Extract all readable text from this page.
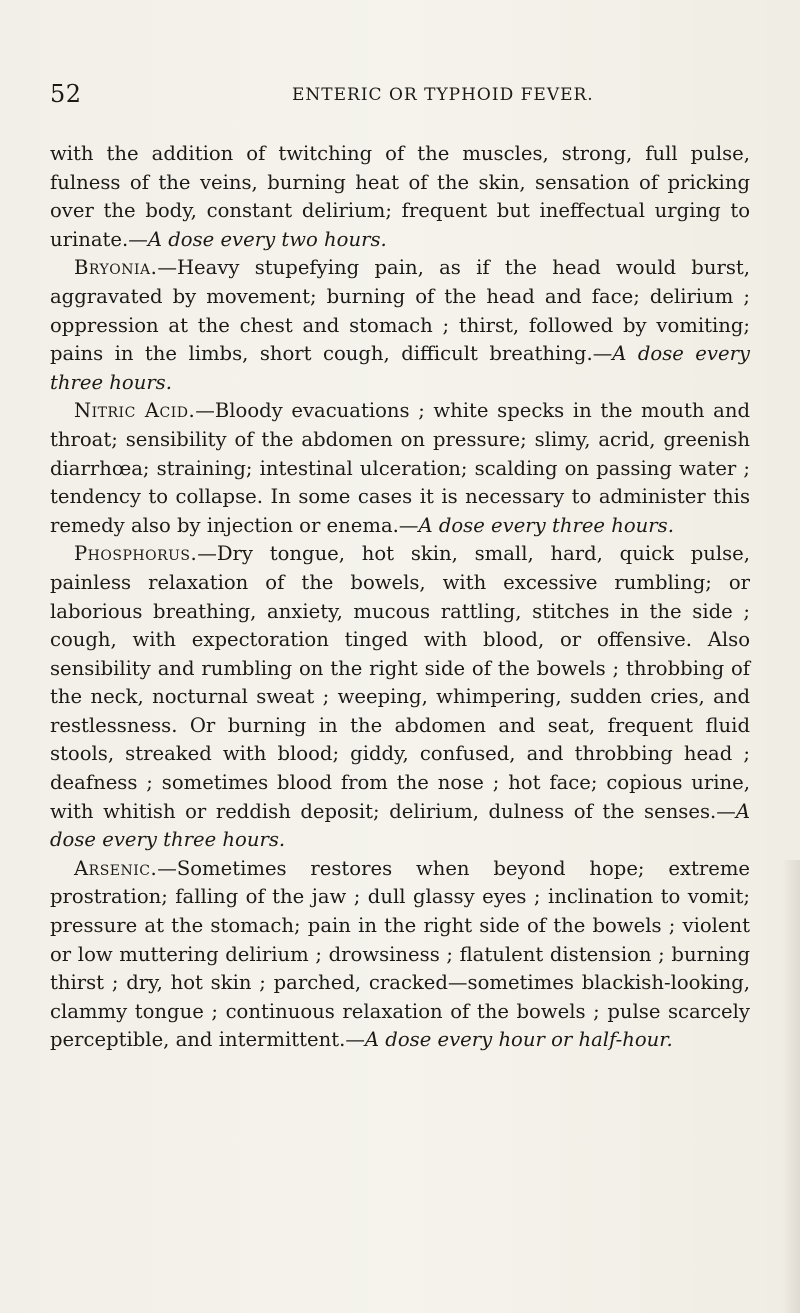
52	ENTERIC OR TYPHOID FEVER.

with the addition of twitching of the muscles, strong, full pulse, fulness of the veins, burning heat of the skin, sensation of pricking over the body, constant delirium; frequent but ineffectual urging to urinate.—A dose every two hours.

Bryonia.—Heavy stupefying pain, as if the head would burst, aggravated by movement; burning of the head and face; delirium ; oppression at the chest and stomach ; thirst, followed by vomiting; pains in the limbs, short cough, difficult breathing.—A dose every three hours.

Nitric Acid.—Bloody evacuations ; white specks in the mouth and throat; sensibility of the abdomen on pressure; slimy, acrid, greenish diarrhœa; straining; intestinal ulceration; scalding on passing water ; tendency to collapse. In some cases it is necessary to administer this remedy also by injection or enema.—A dose every three hours.

Phosphorus.—Dry tongue, hot skin, small, hard, quick pulse, painless relaxation of the bowels, with excessive rumbling; or laborious breathing, anxiety, mucous rattling, stitches in the side ; cough, with expectoration tinged with blood, or offensive. Also sensibility and rumbling on the right side of the bowels ; throbbing of the neck, nocturnal sweat ; weeping, whimpering, sudden cries, and restlessness. Or burning in the abdomen and seat, frequent fluid stools, streaked with blood; giddy, confused, and throbbing head ; deafness ; sometimes blood from the nose ; hot face; copious urine, with whitish or reddish deposit; delirium, dulness of the senses.—A dose every three hours.

Arsenic.—Sometimes restores when beyond hope; extreme prostration; falling of the jaw ; dull glassy eyes ; inclination to vomit; pressure at the stomach; pain in the right side of the bowels ; violent or low muttering delirium ; drowsiness ; flatulent distension ; burning thirst ; dry, hot skin ; parched, cracked—sometimes blackish-looking, clammy tongue ; continuous relaxation of the bowels ; pulse scarcely perceptible, and intermittent.—A dose every hour or half-hour.
